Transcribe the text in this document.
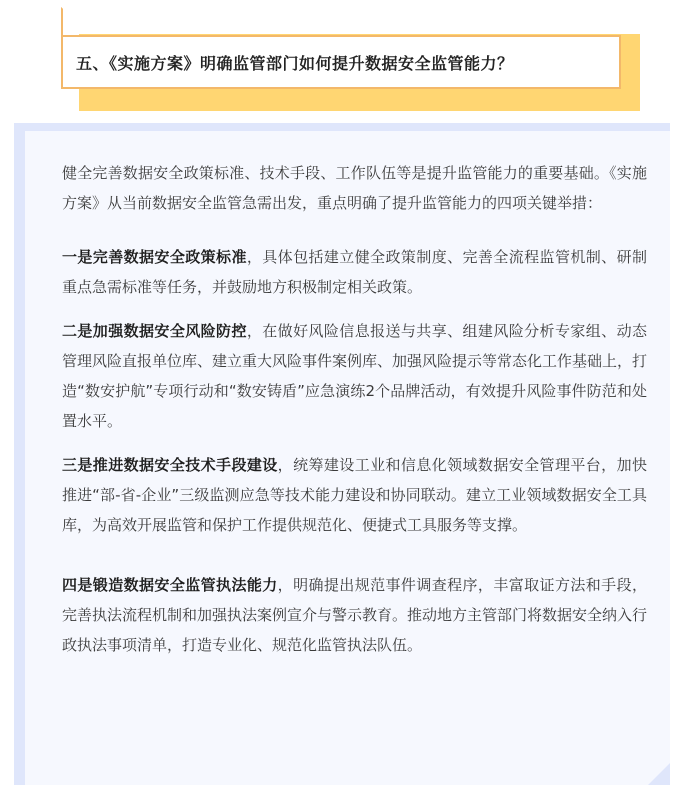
五、《实施方案》明确监管部门如何提升数据安全监管能力？

健全完善数据安全政策标准、技术手段、工作队伍等是提升监管能力的重要基础。《实施方案》从当前数据安全监管急需出发，重点明确了提升监管能力的四项关键举措：

一是完善数据安全政策标准，具体包括建立健全政策制度、完善全流程监管机制、研制重点急需标准等任务，并鼓励地方积极制定相关政策。

二是加强数据安全风险防控，在做好风险信息报送与共享、组建风险分析专家组、动态管理风险直报单位库、建立重大风险事件案例库、加强风险提示等常态化工作基础上，打造“数安护航”专项行动和“数安铸盾”应急演练2个品牌活动，有效提升风险事件防范和处置水平。

三是推进数据安全技术手段建设，统筹建设工业和信息化领域数据安全管理平台，加快推进“部-省-企业”三级监测应急等技术能力建设和协同联动。建立工业领域数据安全工具库，为高效开展监管和保护工作提供规范化、便捷式工具服务等支撑。

四是锻造数据安全监管执法能力，明确提出规范事件调查程序，丰富取证方法和手段，完善执法流程机制和加强执法案例宣介与警示教育。推动地方主管部门将数据安全纳入行政执法事项清单，打造专业化、规范化监管执法队伍。
